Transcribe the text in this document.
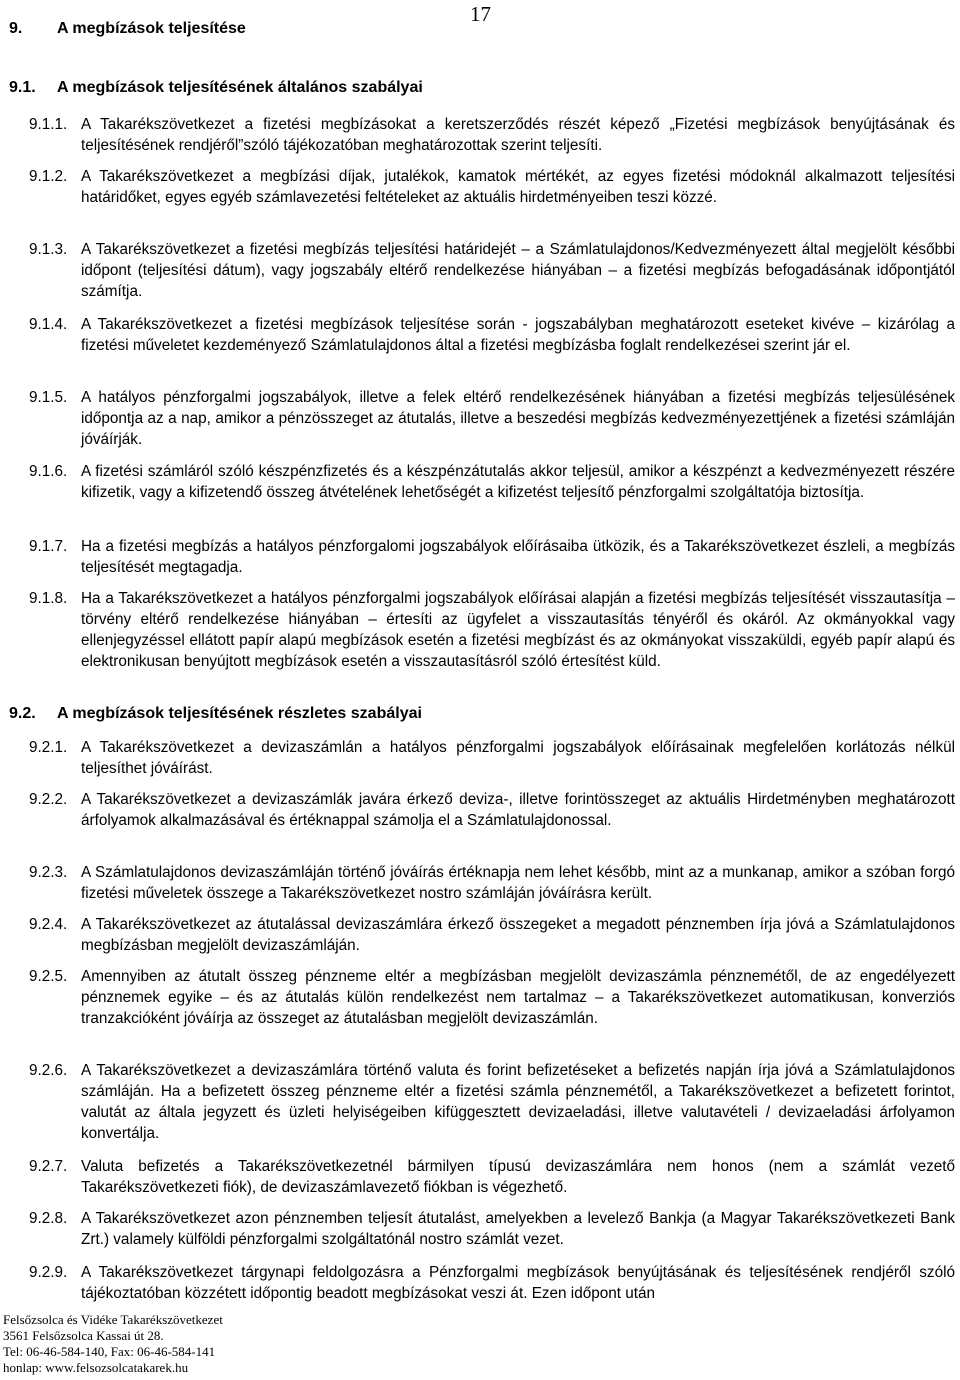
17
9. A megbízások teljesítése
9.1. A megbízások teljesítésének általános szabályai

9.1.1. A Takarékszövetkezet a fizetési megbízásokat a keretszerződés részét képező „Fizetési megbízások benyújtásának és teljesítésének rendjéről”szóló tájékozatóban meghatározottak szerint teljesíti.

9.1.2. A Takarékszövetkezet a megbízási díjak, jutalékok, kamatok mértékét, az egyes fizetési módoknál alkalmazott teljesítési határidőket, egyes egyéb számlavezetési feltételeket az aktuális hirdetményeiben teszi közzé.

9.1.3. A Takarékszövetkezet a fizetési megbízás teljesítési határidejét – a Számlatulajdonos/Kedvezményezett által megjelölt későbbi időpont (teljesítési dátum), vagy jogszabály eltérő rendelkezése hiányában – a fizetési megbízás befogadásának időpontjától számítja.

9.1.4. A Takarékszövetkezet a fizetési megbízások teljesítése során - jogszabályban meghatározott eseteket kivéve – kizárólag a fizetési műveletet kezdeményező Számlatulajdonos által a fizetési megbízásba foglalt rendelkezései szerint jár el.

9.1.5. A hatályos pénzforgalmi jogszabályok, illetve a felek eltérő rendelkezésének hiányában a fizetési megbízás teljesülésének időpontja az a nap, amikor a pénzösszeget az átutalás, illetve a beszedési megbízás kedvezményezettjének a fizetési számláján jóváírják.

9.1.6. A fizetési számláról szóló készpénzfizetés és a készpénzátutalás akkor teljesül, amikor a készpénzt a kedvezményezett részére kifizetik, vagy a kifizetendő összeg átvételének lehetőségét a kifizetést teljesítő pénzforgalmi szolgáltatója biztosítja.

9.1.7. Ha a fizetési megbízás a hatályos pénzforgalomi jogszabályok előírásaiba ütközik, és a Takarékszövetkezet észleli, a megbízás teljesítését megtagadja.

9.1.8. Ha a Takarékszövetkezet a hatályos pénzforgalmi jogszabályok előírásai alapján a fizetési megbízás teljesítését visszautasítja – törvény eltérő rendelkezése hiányában – értesíti az ügyfelet a visszautasítás tényéről és okáról. Az okmányokkal vagy ellenjegyzéssel ellátott papír alapú megbízások esetén a fizetési megbízást és az okmányokat visszaküldi, egyéb papír alapú és elektronikusan benyújtott megbízások esetén a visszautasításról szóló értesítést küld.

9.2. A megbízások teljesítésének részletes szabályai

9.2.1. A Takarékszövetkezet a devizaszámlán a hatályos pénzforgalmi jogszabályok előírásainak megfelelően korlátozás nélkül teljesíthet jóváírást.

9.2.2. A Takarékszövetkezet a devizaszámlák javára érkező deviza-, illetve forintösszeget az aktuális Hirdetményben meghatározott árfolyamok alkalmazásával és értéknappal számolja el a Számlatulajdonossal.

9.2.3. A Számlatulajdonos devizaszámláján történő jóváírás értéknapja nem lehet később, mint az a munkanap, amikor a szóban forgó fizetési műveletek összege a Takarékszövetkezet nostro számláján jóváírásra került.

9.2.4. A Takarékszövetkezet az átutalással devizaszámlára érkező összegeket a megadott pénznemben írja jóvá a Számlatulajdonos megbízásban megjelölt devizaszámláján.

9.2.5. Amennyiben az átutalt összeg pénzneme eltér a megbízásban megjelölt devizaszámla pénznemétől, de az engedélyezett pénznemek egyike – és az átutalás külön rendelkezést nem tartalmaz – a Takarékszövetkezet automatikusan, konverziós tranzakcióként jóváírja az összeget az átutalásban megjelölt devizaszámlán.

9.2.6. A Takarékszövetkezet a devizaszámlára történő valuta és forint befizetéseket a befizetés napján írja jóvá a Számlatulajdonos számláján. Ha a befizetett összeg pénzneme eltér a fizetési számla pénznemétől, a Takarékszövetkezet a befizetett forintot, valutát az általa jegyzett és üzleti helyiségeiben kifüggesztett devizaeladási, illetve valutavételi / devizaeladási árfolyamon konvertálja.

9.2.7. Valuta befizetés a Takarékszövetkezetnél bármilyen típusú devizaszámlára nem honos (nem a számlát vezető Takarékszövetkezeti fiók), de devizaszámlavezető fiókban is végezhető.

9.2.8. A Takarékszövetkezet azon pénznemben teljesít átutalást, amelyekben a levelező Bankja (a Magyar Takarékszövetkezeti Bank Zrt.) valamely külföldi pénzforgalmi szolgáltatónál nostro számlát vezet.

9.2.9. A Takarékszövetkezet tárgynapi feldolgozásra a Pénzforgalmi megbízások benyújtásának és teljesítésének rendjéről szóló tájékoztatóban közzétett időpontig beadott megbízásokat veszi át. Ezen időpont után

Felsőzsolca és Vidéke Takarékszövetkezet
3561 Felsőzsolca Kassai út 28.
Tel: 06-46-584-140, Fax: 06-46-584-141
honlap: www.felsozsolcatakarek.hu
